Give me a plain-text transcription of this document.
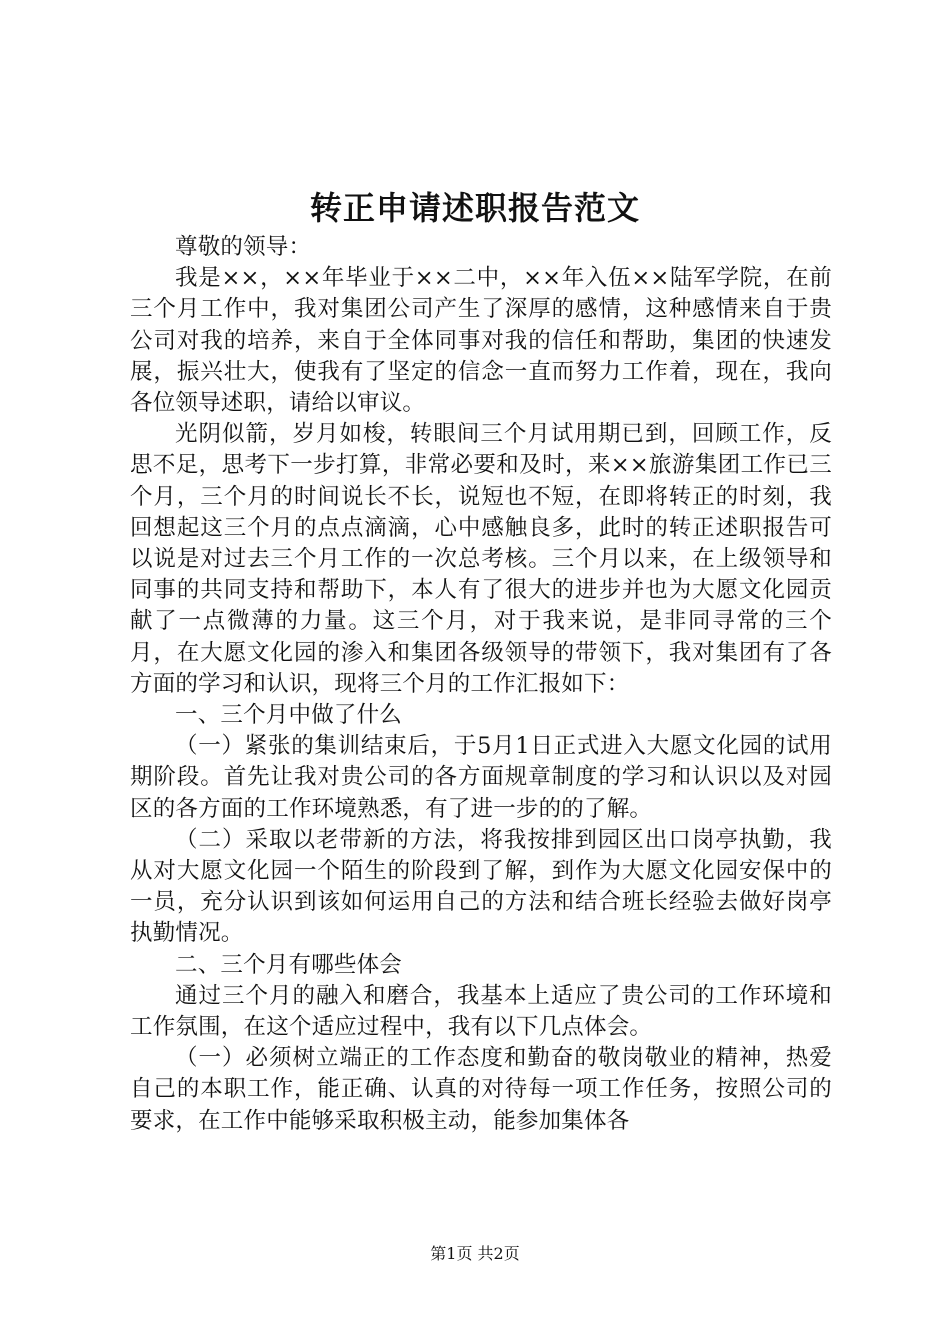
转正申请述职报告范文

尊敬的领导：

我是××，××年毕业于××二中，××年入伍××陆军学院，在前三个月工作中，我对集团公司产生了深厚的感情，这种感情来自于贵公司对我的培养，来自于全体同事对我的信任和帮助，集团的快速发展，振兴壮大，使我有了坚定的信念一直而努力工作着，现在，我向各位领导述职，请给以审议。

光阴似箭，岁月如梭，转眼间三个月试用期已到，回顾工作，反思不足，思考下一步打算，非常必要和及时，来××旅游集团工作已三个月，三个月的时间说长不长，说短也不短，在即将转正的时刻，我回想起这三个月的点点滴滴，心中感触良多，此时的转正述职报告可以说是对过去三个月工作的一次总考核。三个月以来，在上级领导和同事的共同支持和帮助下，本人有了很大的进步并也为大愿文化园贡献了一点微薄的力量。这三个月，对于我来说，是非同寻常的三个月，在大愿文化园的渗入和集团各级领导的带领下，我对集团有了各方面的学习和认识，现将三个月的工作汇报如下：

一、三个月中做了什么

（一）紧张的集训结束后，于5月1日正式进入大愿文化园的试用期阶段。首先让我对贵公司的各方面规章制度的学习和认识以及对园区的各方面的工作环境熟悉，有了进一步的的了解。

（二）采取以老带新的方法，将我按排到园区出口岗亭执勤，我从对大愿文化园一个陌生的阶段到了解，到作为大愿文化园安保中的一员，充分认识到该如何运用自己的方法和结合班长经验去做好岗亭执勤情况。

二、三个月有哪些体会

通过三个月的融入和磨合，我基本上适应了贵公司的工作环境和工作氛围，在这个适应过程中，我有以下几点体会。

（一）必须树立端正的工作态度和勤奋的敬岗敬业的精神，热爱自己的本职工作，能正确、认真的对待每一项工作任务，按照公司的要求，在工作中能够采取积极主动，能参加集体各

第1页 共2页
